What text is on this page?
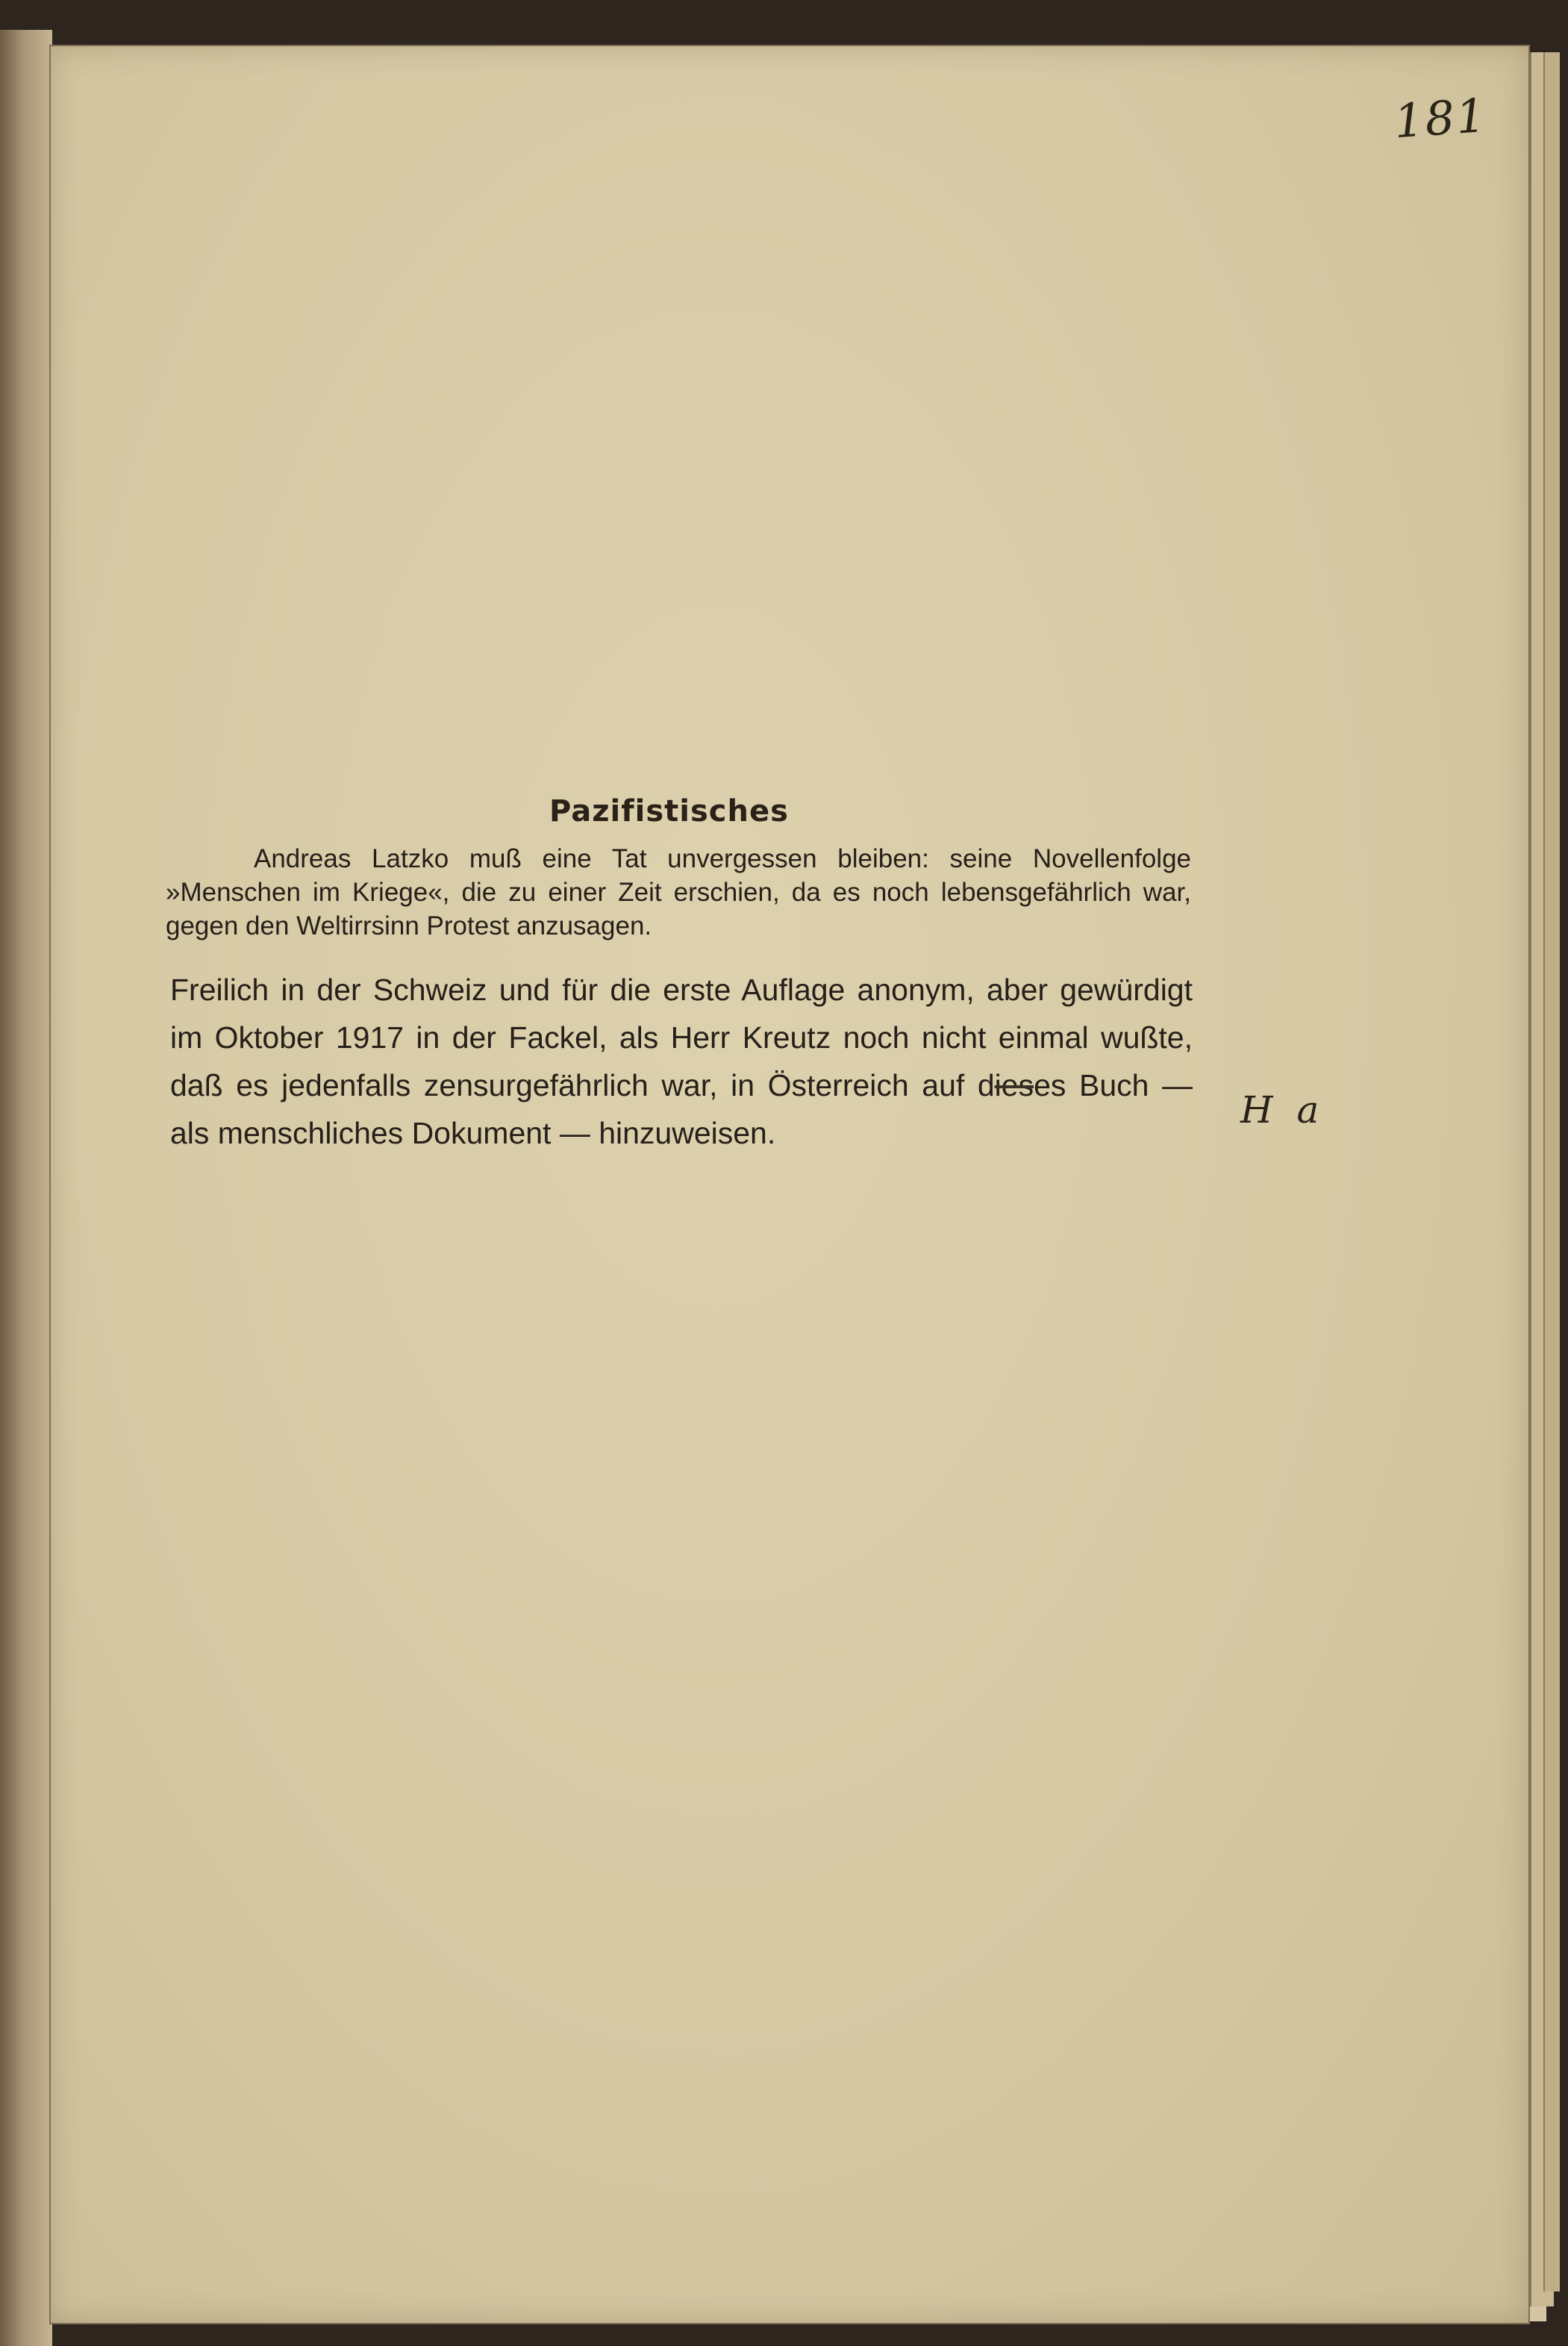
181
Pazifistisches
Andreas Latzko muß eine Tat unvergessen bleiben: seine Novellenfolge »Menschen im Kriege«, die zu einer Zeit erschien, da es noch lebensgefährlich war, gegen den Weltirrsinn Protest anzusagen.
Freilich in der Schweiz und für die erste Auflage anonym, aber gewürdigt im Oktober 1917 in der Fackel, als Herr Kreutz noch nicht einmal wußte, daß es jedenfalls zensurgefährlich war, in Österreich auf dieses Buch — als menschliches Dokument — hinzuweisen.
H a
